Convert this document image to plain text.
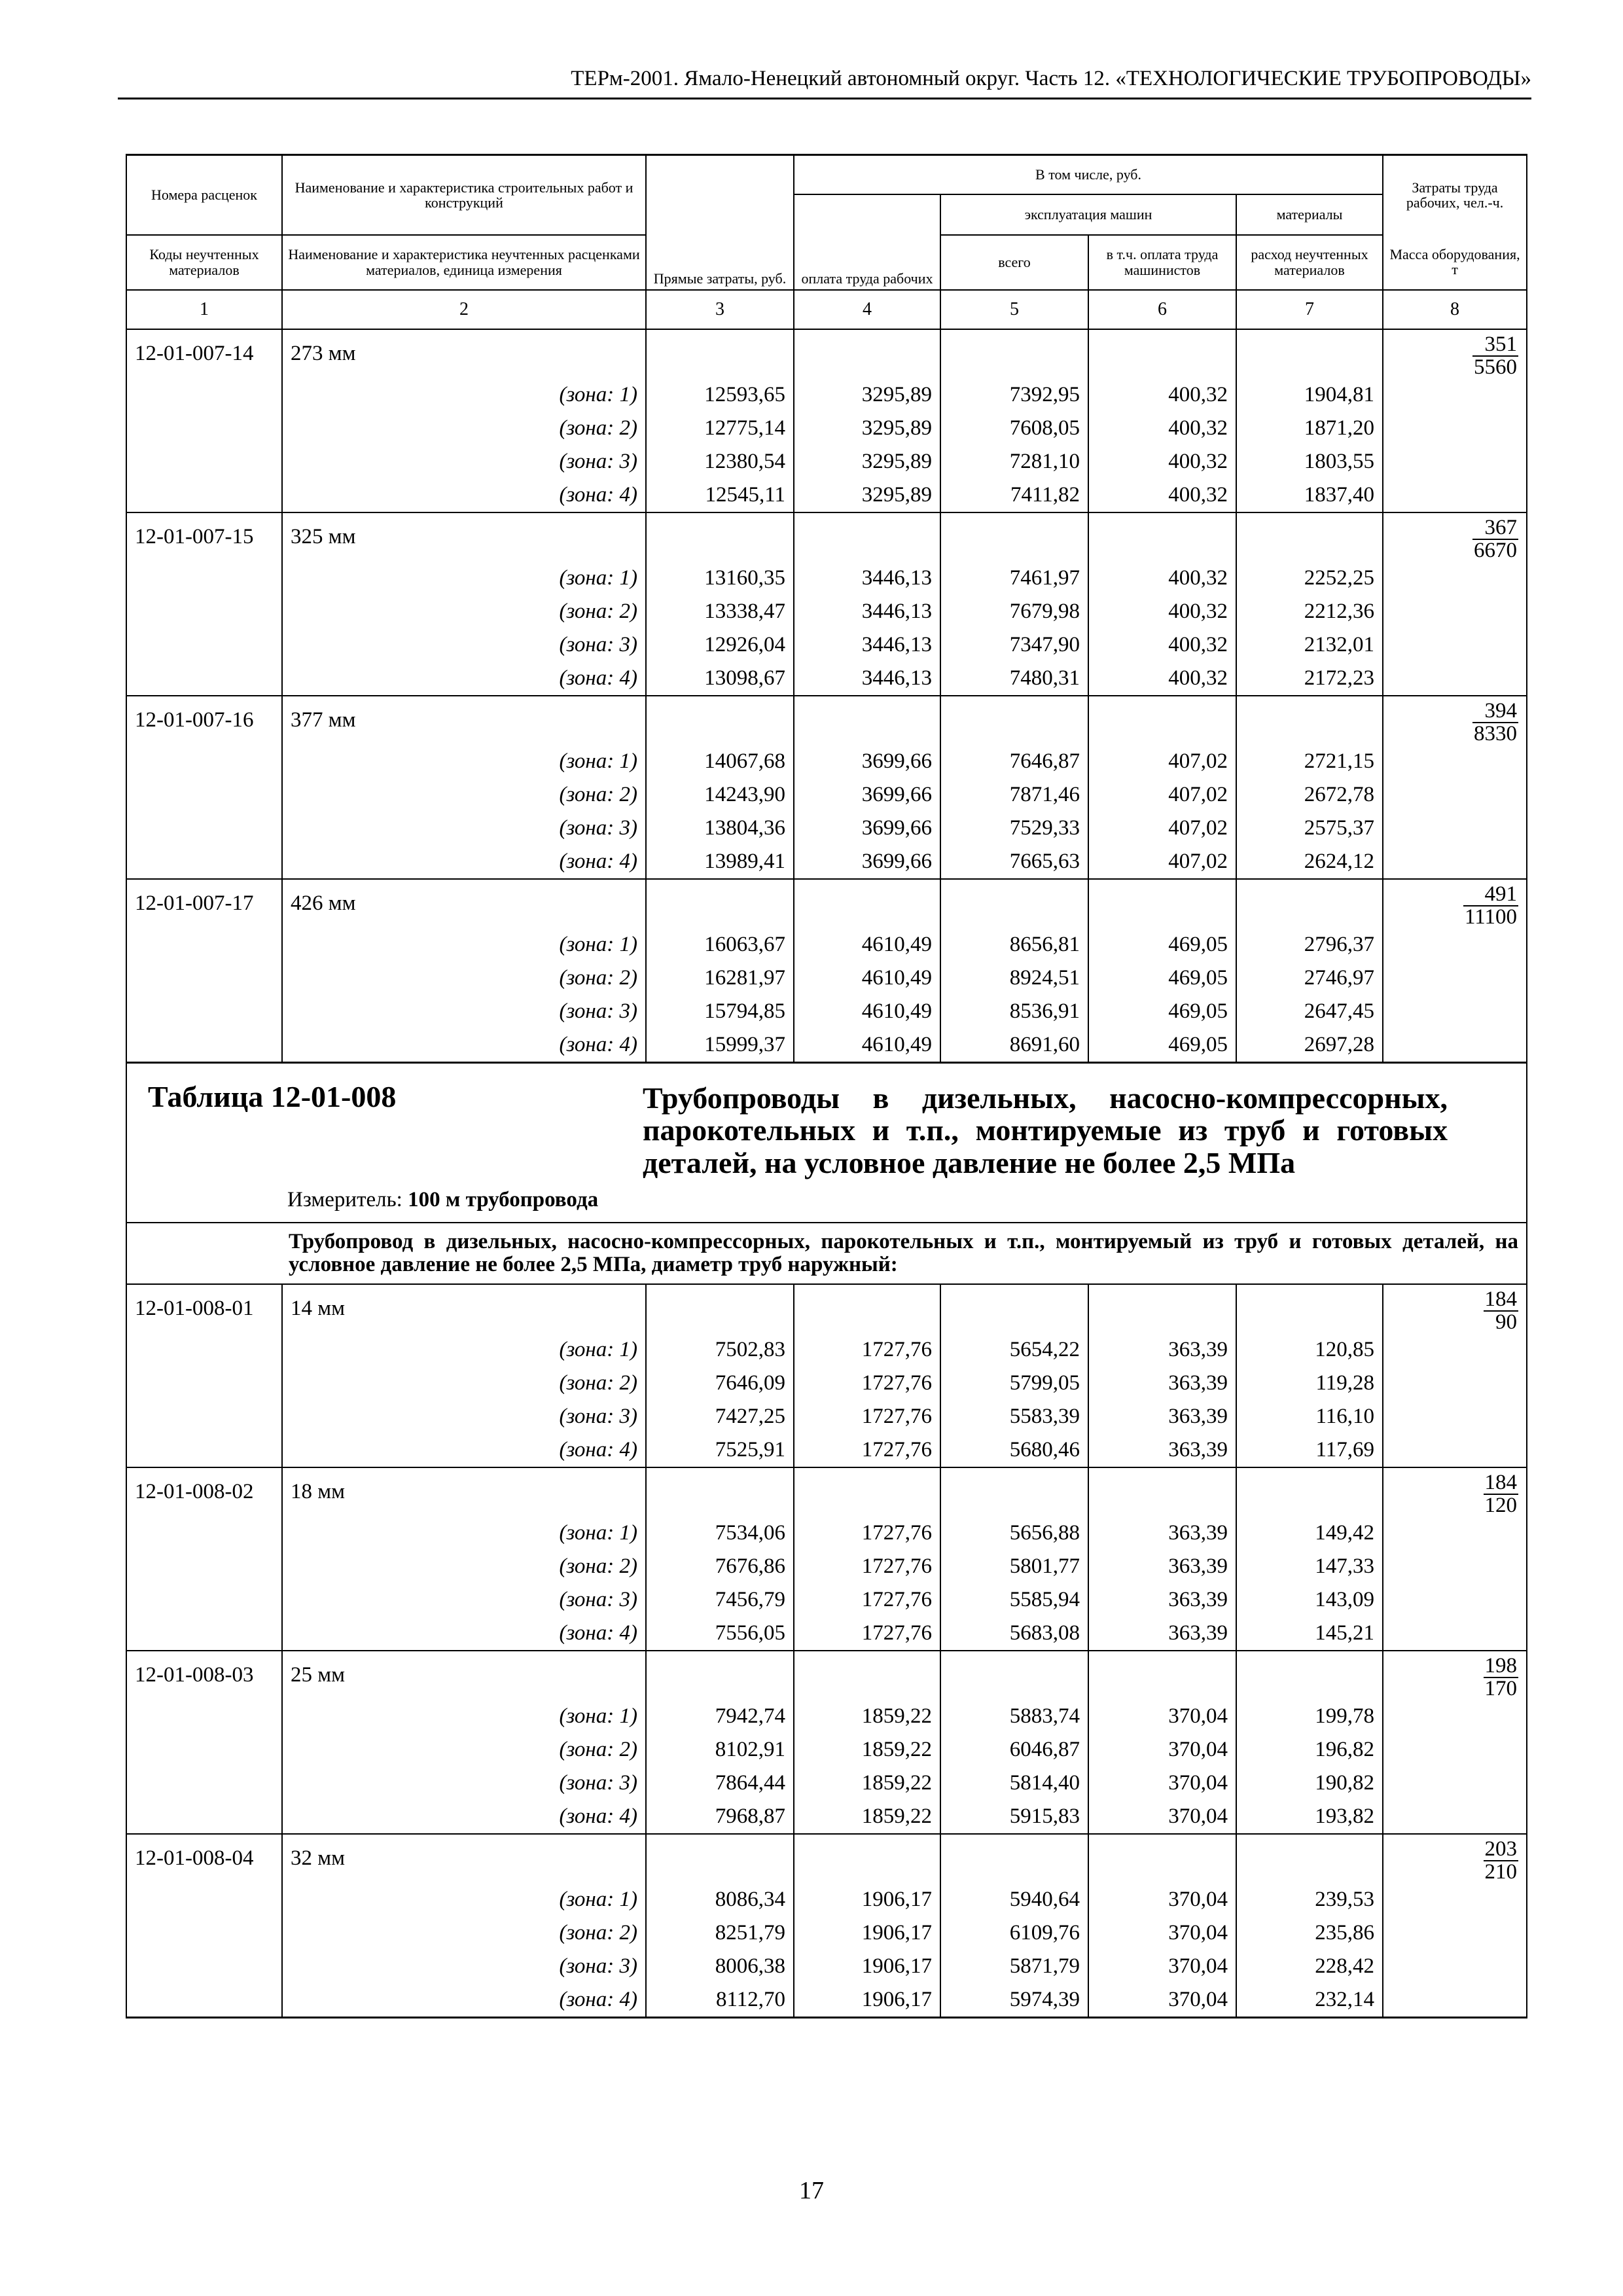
ТЕРм-2001. Ямало-Ненецкий автономный округ. Часть 12. «ТЕХНОЛОГИЧЕСКИЕ ТРУБОПРОВОДЫ»
Номера расценок	Наименование и характеристика строительных работ и конструкций	Прямые затраты, руб.	В том числе, руб.				Затраты труда рабочих, чел.-ч.
			оплата труда рабочих	эксплуатация машин		материалы	
Коды неучтенных материалов	Наименование и характеристика неучтенных расценками материалов, единица измерения			всего	в т.ч. оплата труда машинистов	расход неучтенных материалов	Масса оборудования, т
1	2	3	4	5	6	7	8
12-01-007-14	273 мм						$\frac{351}{5560}$

	(зона: 1)	12593,65	3295,89	7392,95	400,32	1904,81	
	(зона: 2)	12775,14	3295,89	7608,05	400,32	1871,20	
	(зона: 3)	12380,54	3295,89	7281,10	400,32	1803,55	
	(зона: 4)	12545,11	3295,89	7411,82	400,32	1837,40	
12-01-007-15	325 мм						$\frac{367}{6670}$

	(зона: 1)	13160,35	3446,13	7461,97	400,32	2252,25	
	(зона: 2)	13338,47	3446,13	7679,98	400,32	2212,36	
	(зона: 3)	12926,04	3446,13	7347,90	400,32	2132,01	
	(зона: 4)	13098,67	3446,13	7480,31	400,32	2172,23	
12-01-007-16	377 мм						$\frac{394}{8330}$

	(зона: 1)	14067,68	3699,66	7646,87	407,02	2721,15	
	(зона: 2)	14243,90	3699,66	7871,46	407,02	2672,78	
	(зона: 3)	13804,36	3699,66	7529,33	407,02	2575,37	
	(зона: 4)	13989,41	3699,66	7665,63	407,02	2624,12	
12-01-007-17	426 мм						$\frac{491}{11100}$

	(зона: 1)	16063,67	4610,49	8656,81	469,05	2796,37	
	(зона: 2)	16281,97	4610,49	8924,51	469,05	2746,97	
	(зона: 3)	15794,85	4610,49	8536,91	469,05	2647,45	
	(зона: 4)	15999,37	4610,49	8691,60	469,05	2697,28	

Таблица 12-01-008 Трубопроводы в дизельных, насосно-компрессорных, парокотельных и т.п., монтируемые из труб и готовых деталей, на условное давление не более 2,5 МПа
Измеритель: 100 м трубопровода							

Трубопровод в дизельных, насосно-компрессорных, парокотельных и т.п., монтируемый из труб и готовых деталей, на условное давление не более 2,5 МПа, диаметр труб наружный:							
12-01-008-01	14 мм						$\frac{184}{90}$

	(зона: 1)	7502,83	1727,76	5654,22	363,39	120,85	
	(зона: 2)	7646,09	1727,76	5799,05	363,39	119,28	
	(зона: 3)	7427,25	1727,76	5583,39	363,39	116,10	
	(зона: 4)	7525,91	1727,76	5680,46	363,39	117,69	
12-01-008-02	18 мм						$\frac{184}{120}$

	(зона: 1)	7534,06	1727,76	5656,88	363,39	149,42	
	(зона: 2)	7676,86	1727,76	5801,77	363,39	147,33	
	(зона: 3)	7456,79	1727,76	5585,94	363,39	143,09	
	(зона: 4)	7556,05	1727,76	5683,08	363,39	145,21	
12-01-008-03	25 мм						$\frac{198}{170}$

	(зона: 1)	7942,74	1859,22	5883,74	370,04	199,78	
	(зона: 2)	8102,91	1859,22	6046,87	370,04	196,82	
	(зона: 3)	7864,44	1859,22	5814,40	370,04	190,82	
	(зона: 4)	7968,87	1859,22	5915,83	370,04	193,82	
12-01-008-04	32 мм						$\frac{203}{210}$

	(зона: 1)	8086,34	1906,17	5940,64	370,04	239,53	
	(зона: 2)	8251,79	1906,17	6109,76	370,04	235,86	
	(зона: 3)	8006,38	1906,17	5871,79	370,04	228,42	
	(зона: 4)	8112,70	1906,17	5974,39	370,04	232,14	
17
